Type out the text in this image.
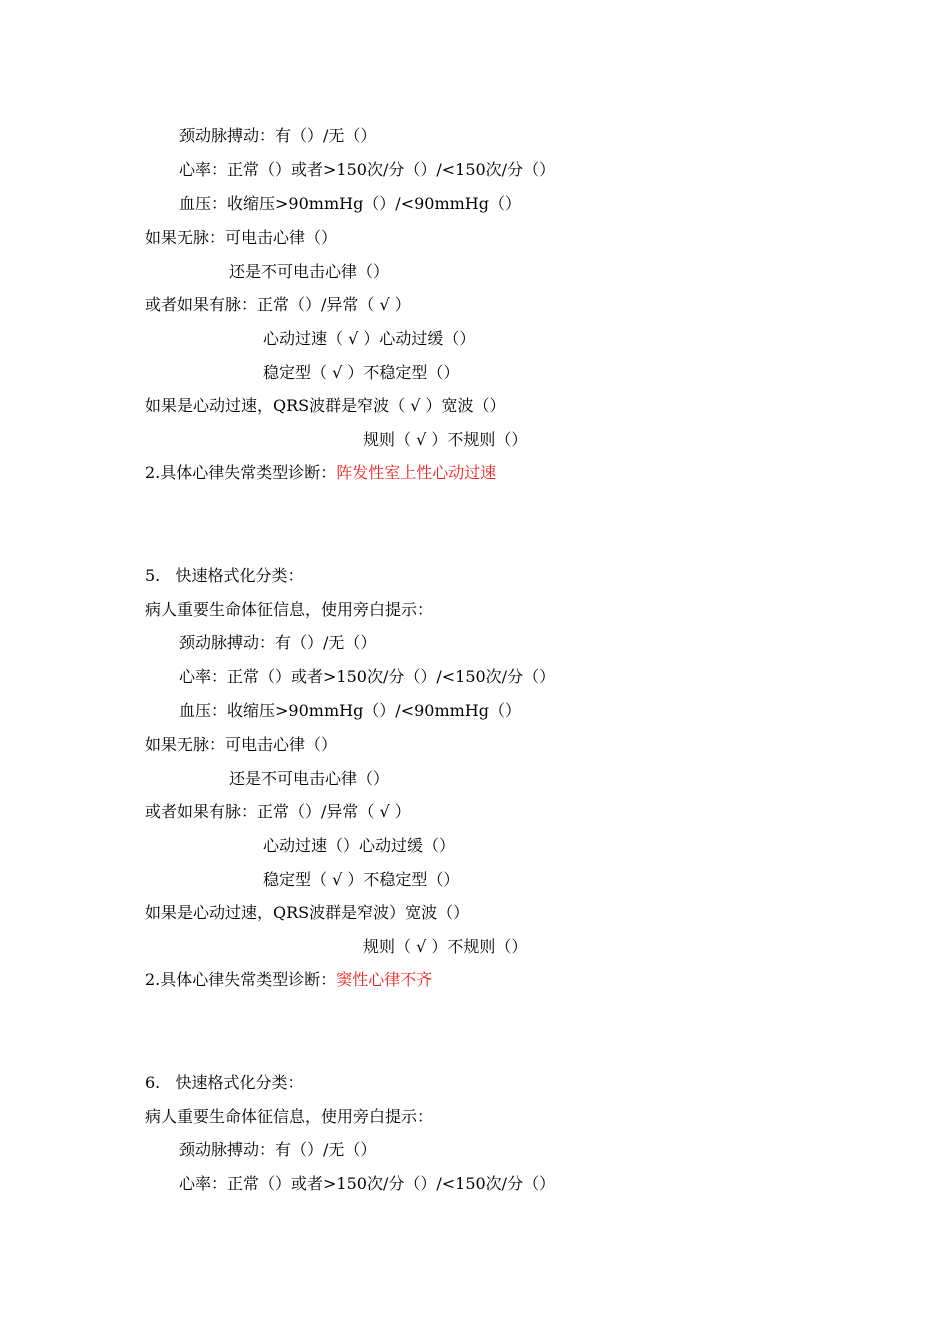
颈动脉搏动：有（）/无（）
心率：正常（）或者>150次/分（）/<150次/分（）
血压：收缩压>90mmHg（）/<90mmHg（）
如果无脉：可电击心律（）
还是不可电击心律（）
或者如果有脉：正常（）/异常（ √ ）
心动过速（ √ ）心动过缓（）
稳定型（ √ ）不稳定型（）
如果是心动过速，QRS波群是窄波（ √ ）宽波（）
规则（ √ ）不规则（）
2.具体心律失常类型诊断：阵发性室上性心动过速
5.   快速格式化分类：
病人重要生命体征信息，使用旁白提示：
颈动脉搏动：有（）/无（）
心率：正常（）或者>150次/分（）/<150次/分（）
血压：收缩压>90mmHg（）/<90mmHg（）
如果无脉：可电击心律（）
还是不可电击心律（）
或者如果有脉：正常（）/异常（ √ ）
心动过速（）心动过缓（）
稳定型（ √ ）不稳定型（）
如果是心动过速，QRS波群是窄波）宽波（）
规则（ √ ）不规则（）
2.具体心律失常类型诊断：窦性心律不齐
6.   快速格式化分类：
病人重要生命体征信息，使用旁白提示：
颈动脉搏动：有（）/无（）
心率：正常（）或者>150次/分（）/<150次/分（）
